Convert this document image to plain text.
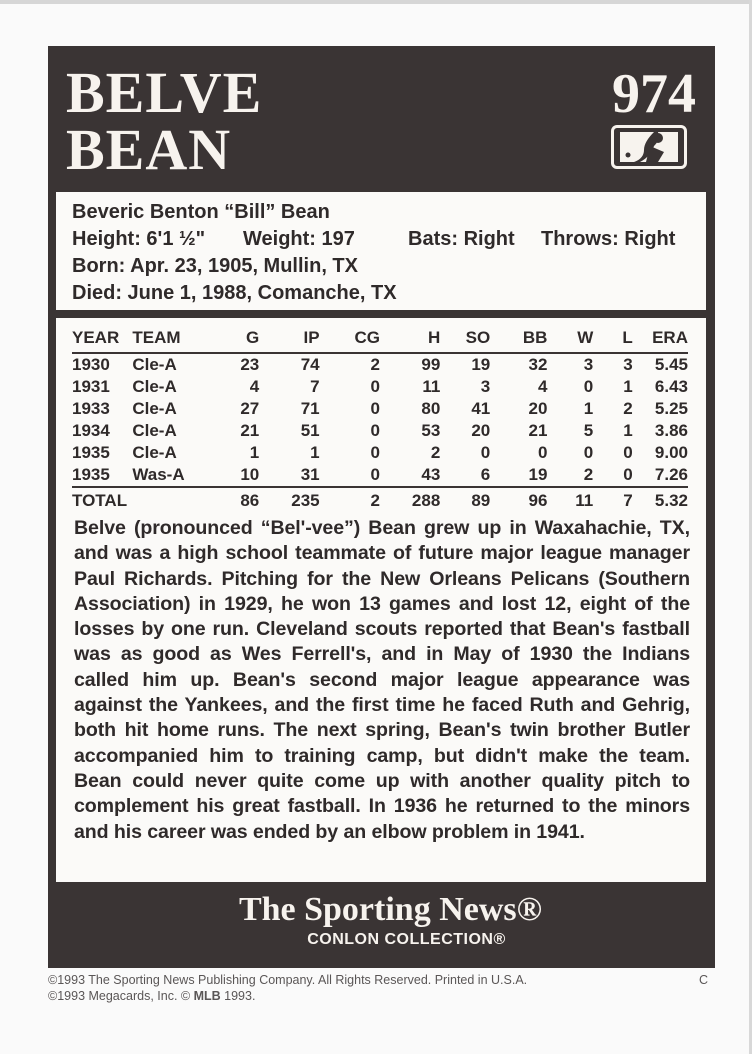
BELVE
BEAN
974
Beveric Benton “Bill” Bean
Height: 6'1 ½" Weight: 197	Bats: Right Throws: Right
Born: Apr. 23, 1905, Mullin, TX
Died: June 1, 1988, Comanche, TX
YEAR	TEAM	G	IP	CG	H	SO	BB	W	L	ERA
1930	Cle-A	23	74	2	99	19	32	3	3	5.45
1931	Cle-A	4	7	0	11	3	4	0	1	6.43
1933	Cle-A	27	71	0	80	41	20	1	2	5.25
1934	Cle-A	21	51	0	53	20	21	5	1	3.86
1935	Cle-A	1	1	0	2	0	0	0	0	9.00
1935	Was-A	10	31	0	43	6	19	2	0	7.26
TOTAL		86	235	2	288	89	96	11	7	5.32

Belve (pronounced “Bel'-vee”) Bean grew up in Waxahachie, TX, and was a high school teammate of future major league manager Paul Richards. Pitching for the New Orleans Pelicans (Southern Association) in 1929, he won 13 games and lost 12, eight of the losses by one run. Cleveland scouts reported that Bean's fastball was as good as Wes Ferrell's, and in May of 1930 the Indians called him up. Bean's second major league appearance was against the Yankees, and the first time he faced Ruth and Gehrig, both hit home runs. The next spring, Bean's twin brother Butler accompanied him to training camp, but didn't make the team. Bean could never quite come up with another quality pitch to complement his great fastball. In 1936 he returned to the minors and his career was ended by an elbow problem in 1941.

The Sporting News®
CONLON COLLECTION®
©1993 The Sporting News Publishing Company. All Rights Reserved. Printed in U.S.A.
©1993 Megacards, Inc. © MLB 1993.
C
